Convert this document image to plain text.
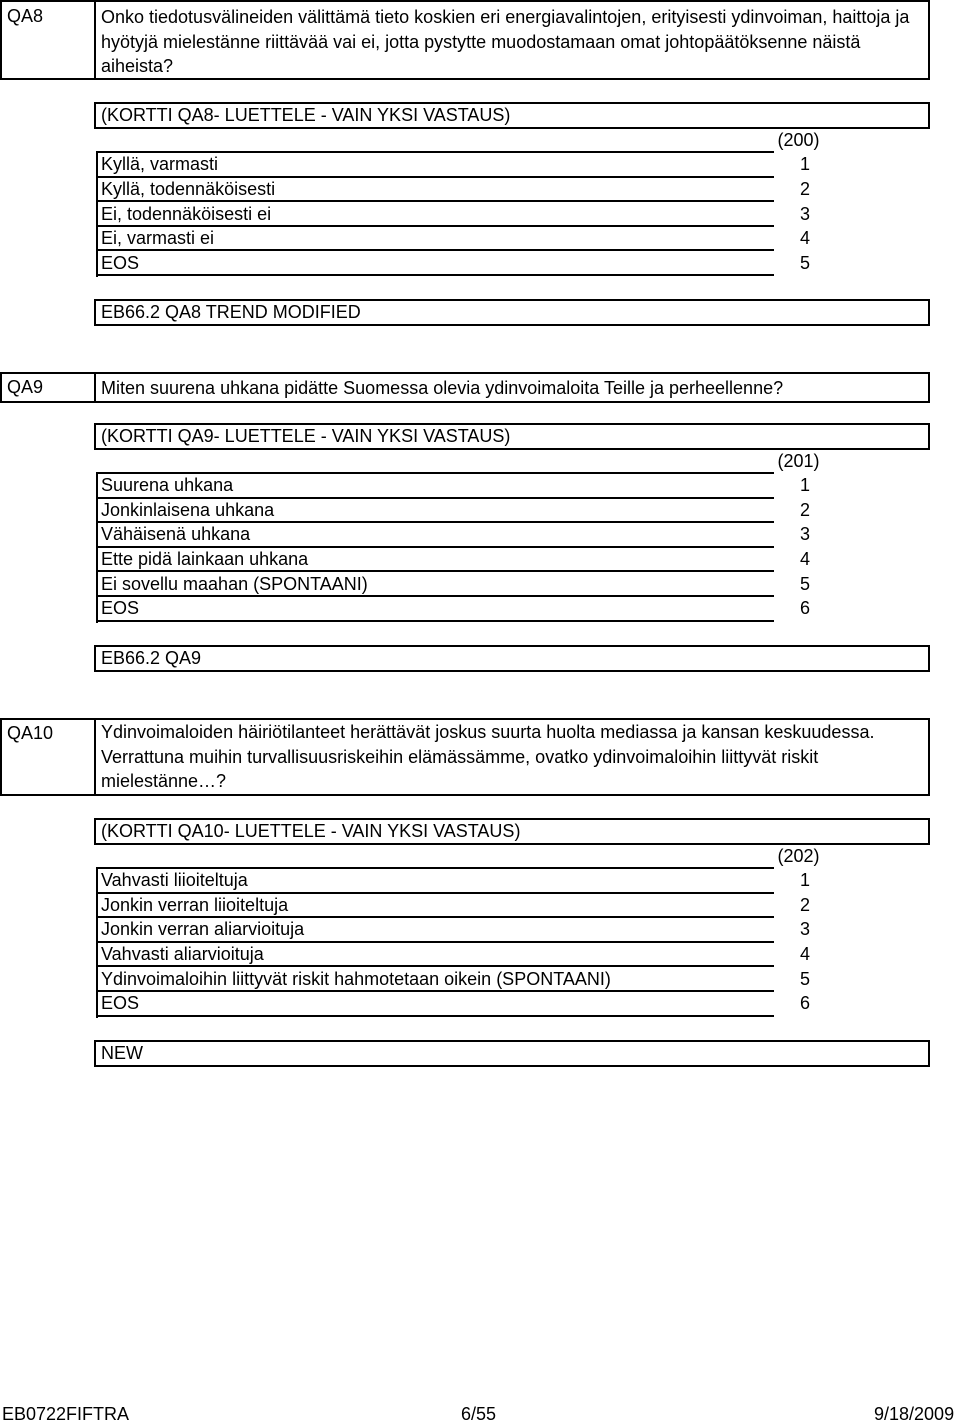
QA8	Onko tiedotusvälineiden välittämä tieto koskien eri energiavalintojen, erityisesti ydinvoiman, haittoja ja hyötyjä mielestänne riittävää vai ei, jotta pystytte muodostamaan omat johtopäätöksenne näistä aiheista?
(KORTTI QA8- LUETTELE - VAIN YKSI VASTAUS)
(200)
Kyllä, varmasti	1
Kyllä, todennäköisesti	2
Ei, todennäköisesti ei	3
Ei, varmasti ei	4
EOS	5
EB66.2 QA8 TREND MODIFIED
QA9	Miten suurena uhkana pidätte Suomessa olevia ydinvoimaloita Teille ja perheellenne?
(KORTTI QA9- LUETTELE - VAIN YKSI VASTAUS)
(201)
Suurena uhkana	1
Jonkinlaisena uhkana	2
Vähäisenä uhkana	3
Ette pidä lainkaan uhkana	4
Ei sovellu maahan (SPONTAANI)	5
EOS	6
EB66.2 QA9
QA10	Ydinvoimaloiden häiriötilanteet herättävät joskus suurta huolta mediassa ja kansan keskuudessa. Verrattuna muihin turvallisuusriskeihin elämässämme, ovatko ydinvoimaloihin liittyvät riskit mielestänne…?
(KORTTI QA10- LUETTELE - VAIN YKSI VASTAUS)
(202)
Vahvasti liioiteltuja	1
Jonkin verran liioiteltuja	2
Jonkin verran aliarvioituja	3
Vahvasti aliarvioituja	4
Ydinvoimaloihin liittyvät riskit hahmotetaan oikein (SPONTAANI)	5
EOS	6
NEW
EB0722FIFTRA	6/55	9/18/2009
